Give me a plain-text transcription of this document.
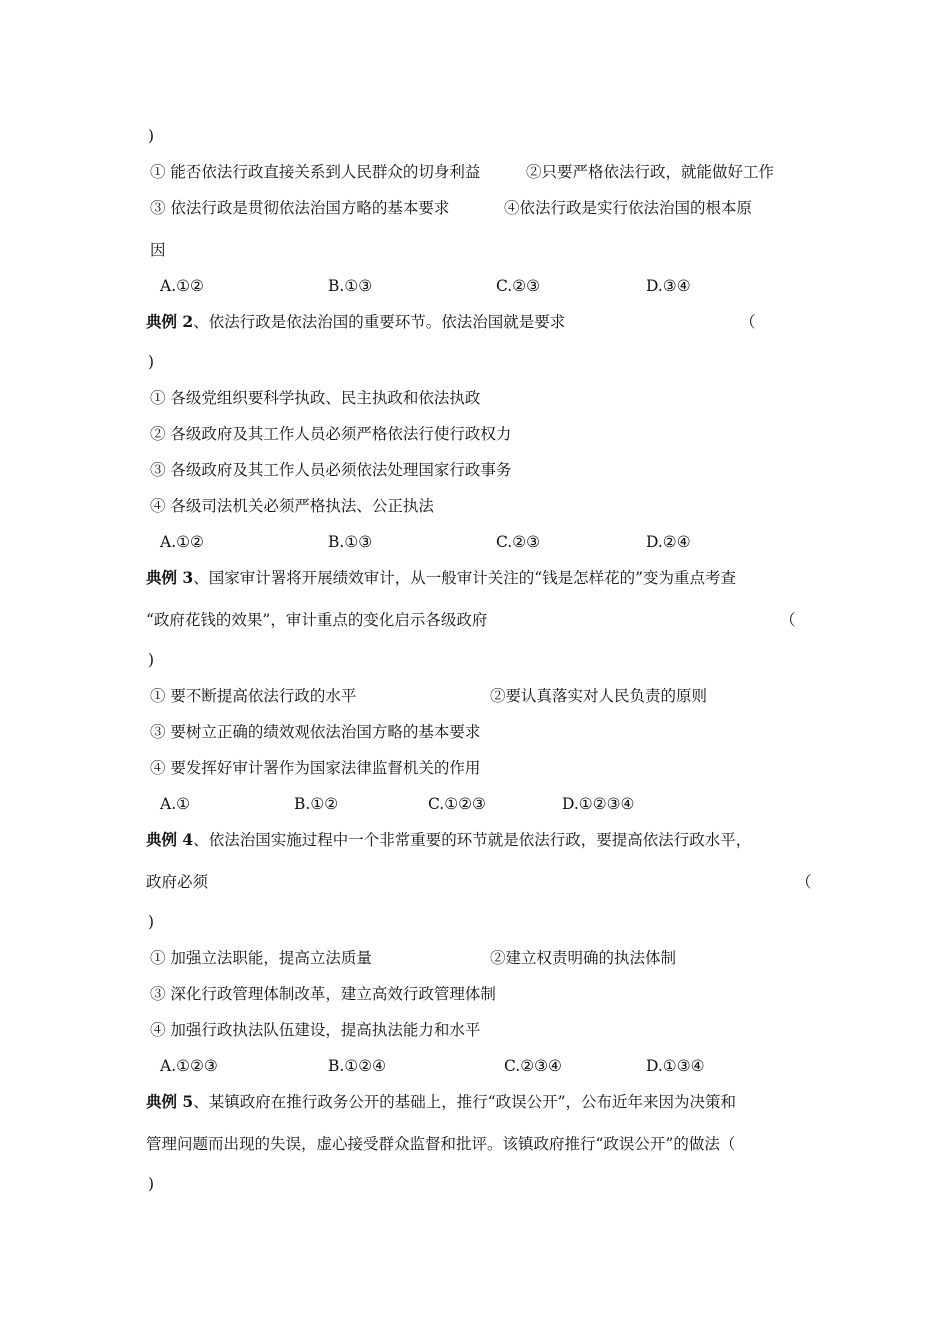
)
① 能否依法行政直接关系到人民群众的切身利益	②只要严格依法行政，就能做好工作
③ 依法行政是贯彻依法治国方略的基本要求	④依法行政是实行依法治国的根本原
因
A.①②	B.①③	C.②③	D.③④
典例 2、依法行政是依法治国的重要环节。依法治国就是要求	（
)
① 各级党组织要科学执政、民主执政和依法执政
② 各级政府及其工作人员必须严格依法行使行政权力
③ 各级政府及其工作人员必须依法处理国家行政事务
④ 各级司法机关必须严格执法、公正执法
A.①②	B.①③	C.②③	D.②④
典例 3、国家审计署将开展绩效审计，从一般审计关注的“钱是怎样花的”变为重点考查
“政府花钱的效果”，审计重点的变化启示各级政府	（
)
① 要不断提高依法行政的水平	②要认真落实对人民负责的原则
③ 要树立正确的绩效观依法治国方略的基本要求
④ 要发挥好审计署作为国家法律监督机关的作用
A.①	B.①②	C.①②③	D.①②③④
典例 4、依法治国实施过程中一个非常重要的环节就是依法行政，要提高依法行政水平，
政府必须	（
)
① 加强立法职能，提高立法质量	②建立权责明确的执法体制
③ 深化行政管理体制改革，建立高效行政管理体制
④ 加强行政执法队伍建设，提高执法能力和水平
A.①②③	B.①②④	C.②③④	D.①③④
典例 5、某镇政府在推行政务公开的基础上，推行“政误公开”，公布近年来因为决策和
管理问题而出现的失误，虚心接受群众监督和批评。该镇政府推行“政误公开”的做法（
)
